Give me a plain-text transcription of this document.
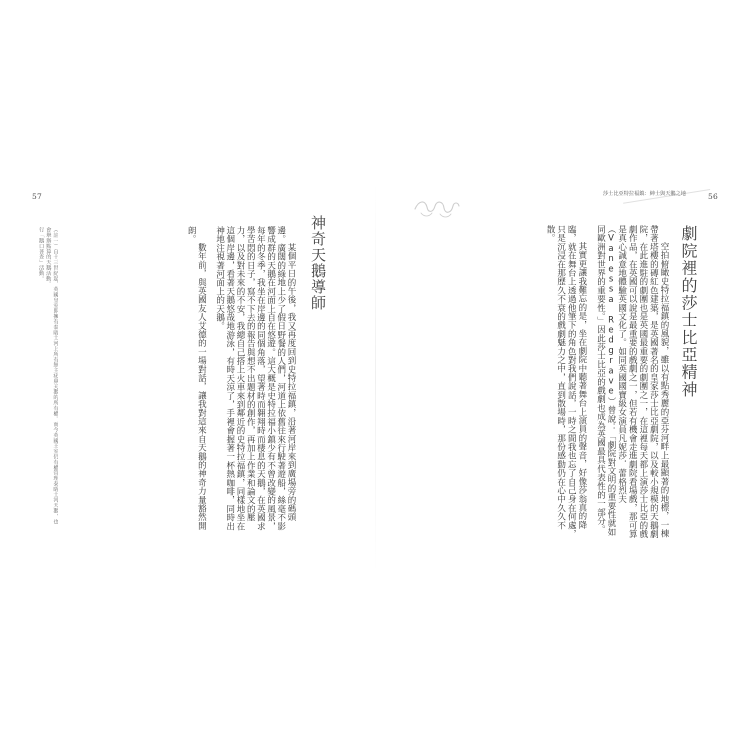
57
神奇天鵝導師

某個平日的午後，我又再度回到史特拉福鎮，沿著河岸來到廣場旁的碼頭邊。廣闊的綠地上少了假日野餐的人們，河道上依舊往來行駛著遊船，絲毫不影響成群的天鵝在河面上自在悠遊。這大概是史特拉福小鎮少有不曾改變的風景，每年的冬季，我坐在岸邊的同個角落，望著時而翱翔時而棲息的天鵝，在英國求學苦悶的日子，寫不下去的報告與想不出題材的創作，再加上作業和論文的壓力，以及對未來的不安，我總自己搭上火車來到鄰近的史特拉福鎮，同樣地坐在這個岸邊，看著天鵝悠哉地游泳，有時天涼了，手裡會握著一杯熱咖啡，同時出神地注視著河面上的天鵝。

數年前，與英國友人艾德的一場對話，讓我對這來自天鵝的神奇力量豁然開朗。

（註一）自十三世紀起，英國皇室即擁有泰晤士河上所有無主疣鼻天鵝的所有權。而今英國王室仍有權管理泰晤士河天鵝，也會舉辦點算的天鵝活動。

行「鵝口普查」活動。

莎士比亞特拉福鎮：紳士與天鵝之地	56
劇院裡的莎士比亞精神

空拍俯瞰史特拉福鎮的風貌，雖以有點秀麗的亞芬河畔上最顯著的地標，一棟帶著塔樓的磚紅色建築，是英國著名的皇家莎士比亞劇院，以及較小規模的天鵝劇院，在此進駐的劇團也是英國最重要的劇團之一，在這裡每天都上演莎士比亞的戲劇作品，在英國可以說是最重要的戲劇之一，但若有機會走進劇院看場戲，那可算是真心誠意地體驗英國文化了。如同英國國寶級女演員凡妮莎．蕾格烈夫（Vanessa Redgrave）曾說：「劇院對文明的重要性就如同歐洲對世界的重要性。」因此莎士比亞的戲劇也成為英國最具代表性的一部分。

其實更讓我難忘的是，坐在劇院中聽著舞台上演員的聲音，好像莎翁真的降臨，就在舞台上透過他筆下的角色對我們說話，一時之間我也忘了自己身在何處，只是沉浸在那歷久不衰的戲劇魅力之中，直到散場時，那份感動仍在心中久久不散。
